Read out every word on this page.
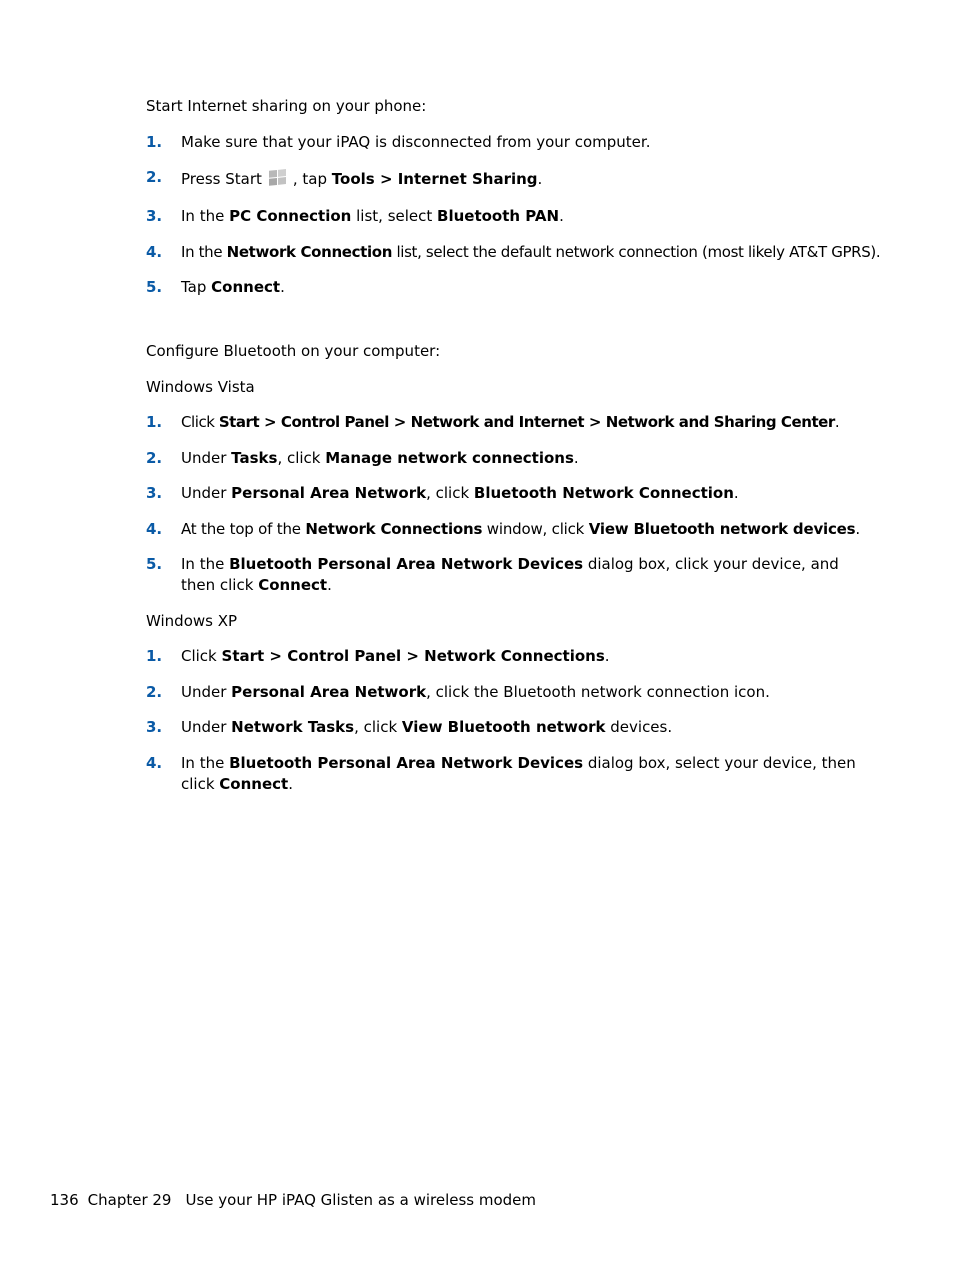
Start Internet sharing on your phone:
1. Make sure that your iPAQ is disconnected from your computer.
2. Press Start , tap Tools > Internet Sharing.
3. In the PC Connection list, select Bluetooth PAN.
4. In the Network Connection list, select the default network connection (most likely AT&T GPRS).
5. Tap Connect.
Configure Bluetooth on your computer:
Windows Vista
1. Click Start > Control Panel > Network and Internet > Network and Sharing Center.
2. Under Tasks, click Manage network connections.
3. Under Personal Area Network, click Bluetooth Network Connection.
4. At the top of the Network Connections window, click View Bluetooth network devices.
5. In the Bluetooth Personal Area Network Devices dialog box, click your device, and then click Connect.
Windows XP
1. Click Start > Control Panel > Network Connections.
2. Under Personal Area Network, click the Bluetooth network connection icon.
3. Under Network Tasks, click View Bluetooth network devices.
4. In the Bluetooth Personal Area Network Devices dialog box, select your device, then click Connect.
136 Chapter 29 Use your HP iPAQ Glisten as a wireless modem
